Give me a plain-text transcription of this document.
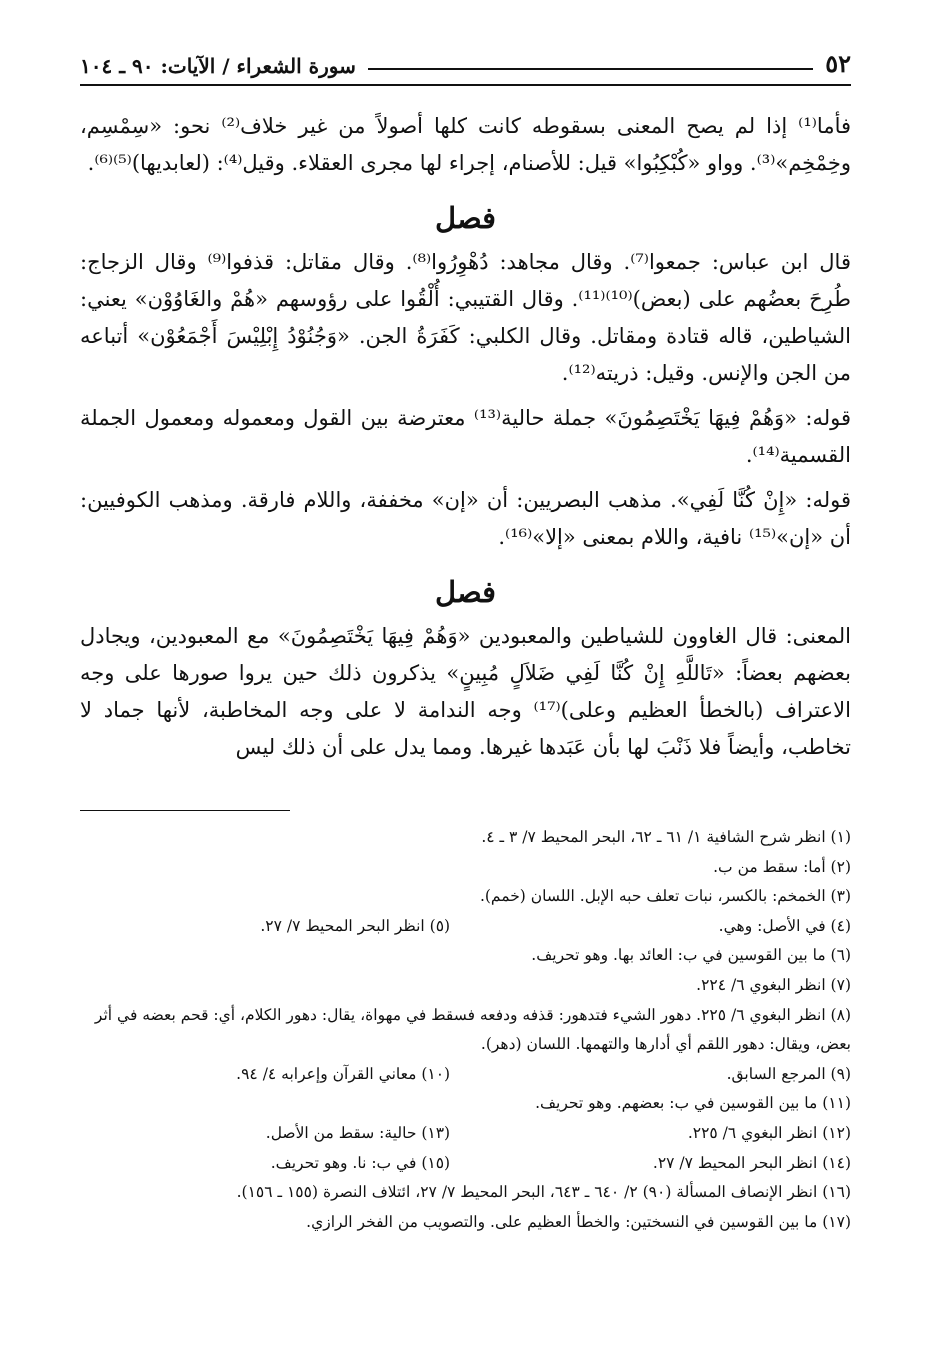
٥٢
سورة الشعراء / الآيات: ٩٠ ـ ١٠٤

فأما⁽¹⁾ إذا لم يصح المعنى بسقوطه كانت كلها أصولاً من غير خلاف⁽²⁾ نحو: «سِمْسِم، وخِمْخِم»⁽³⁾. وواو «كُبْكِبُوا» قيل: للأصنام، إجراء لها مجرى العقلاء. وقيل⁽⁴⁾: (لعابديها)⁽⁵⁾⁽⁶⁾.

فصل

قال ابن عباس: جمعوا⁽⁷⁾. وقال مجاهد: دُهْوِرُوا⁽⁸⁾. وقال مقاتل: قذفوا⁽⁹⁾ وقال الزجاج: طُرِحَ بعضُهم على (بعض)⁽¹⁰⁾⁽¹¹⁾. وقال القتيبي: أُلْقُوا على رؤوسهم «هُمْ والغَاوُوْن» يعني: الشياطين، قاله قتادة ومقاتل. وقال الكلبي: كَفَرَةُ الجن. «وَجُنُوْدُ إِبْلِيْسَ أَجْمَعُوْن» أتباعه من الجن والإنس. وقيل: ذريته⁽¹²⁾.

قوله: «وَهُمْ فِيهَا يَخْتَصِمُونَ» جملة حالية⁽¹³⁾ معترضة بين القول ومعموله ومعمول الجملة القسمية⁽¹⁴⁾.

قوله: «إِنْ كُنَّا لَفِي». مذهب البصريين: أن «إن» مخففة، واللام فارقة. ومذهب الكوفيين: أن «إن»⁽¹⁵⁾ نافية، واللام بمعنى «إلا»⁽¹⁶⁾.

فصل

المعنى: قال الغاوون للشياطين والمعبودين «وَهُمْ فِيهَا يَخْتَصِمُونَ» مع المعبودين، ويجادل بعضهم بعضاً: «تَاللَّهِ إِنْ كُنَّا لَفِي ضَلاَلٍ مُبِينٍ» يذكرون ذلك حين يروا صورها على وجه الاعتراف (بالخطأ العظيم وعلى)⁽¹⁷⁾ وجه الندامة لا على وجه المخاطبة، لأنها جماد لا تخاطب، وأيضاً فلا ذَنْبَ لها بأن عَبَدها غيرها. ومما يدل على أن ذلك ليس

(١) انظر شرح الشافية ١/ ٦١ ـ ٦٢، البحر المحيط ٧/ ٣ ـ ٤.
(٢) أما: سقط من ب.
(٣) الخمخم: بالكسر، نبات تعلف حبه الإبل. اللسان (خمم).
(٤) في الأصل: وهي.
(٥) انظر البحر المحيط ٧/ ٢٧.
(٦) ما بين القوسين في ب: العائد بها. وهو تحريف.
(٧) انظر البغوي ٦/ ٢٢٤.
(٨) انظر البغوي ٦/ ٢٢٥. دهور الشيء فتدهور: قذفه ودفعه فسقط في مهواة، يقال: دهور الكلام، أي: قحم بعضه في أثر بعض، ويقال: دهور اللقم أي أدارها والتهمها. اللسان (دهر).
(٩) المرجع السابق.
(١٠) معاني القرآن وإعرابه ٤/ ٩٤.
(١١) ما بين القوسين في ب: بعضهم. وهو تحريف.
(١٢) انظر البغوي ٦/ ٢٢٥.
(١٣) حالية: سقط من الأصل.
(١٤) انظر البحر المحيط ٧/ ٢٧.
(١٥) في ب: نا. وهو تحريف.
(١٦) انظر الإنصاف المسألة (٩٠) ٢/ ٦٤٠ ـ ٦٤٣، البحر المحيط ٧/ ٢٧، ائتلاف النصرة (١٥٥ ـ ١٥٦).
(١٧) ما بين القوسين في النسختين: والخطأ العظيم على. والتصويب من الفخر الرازي.
